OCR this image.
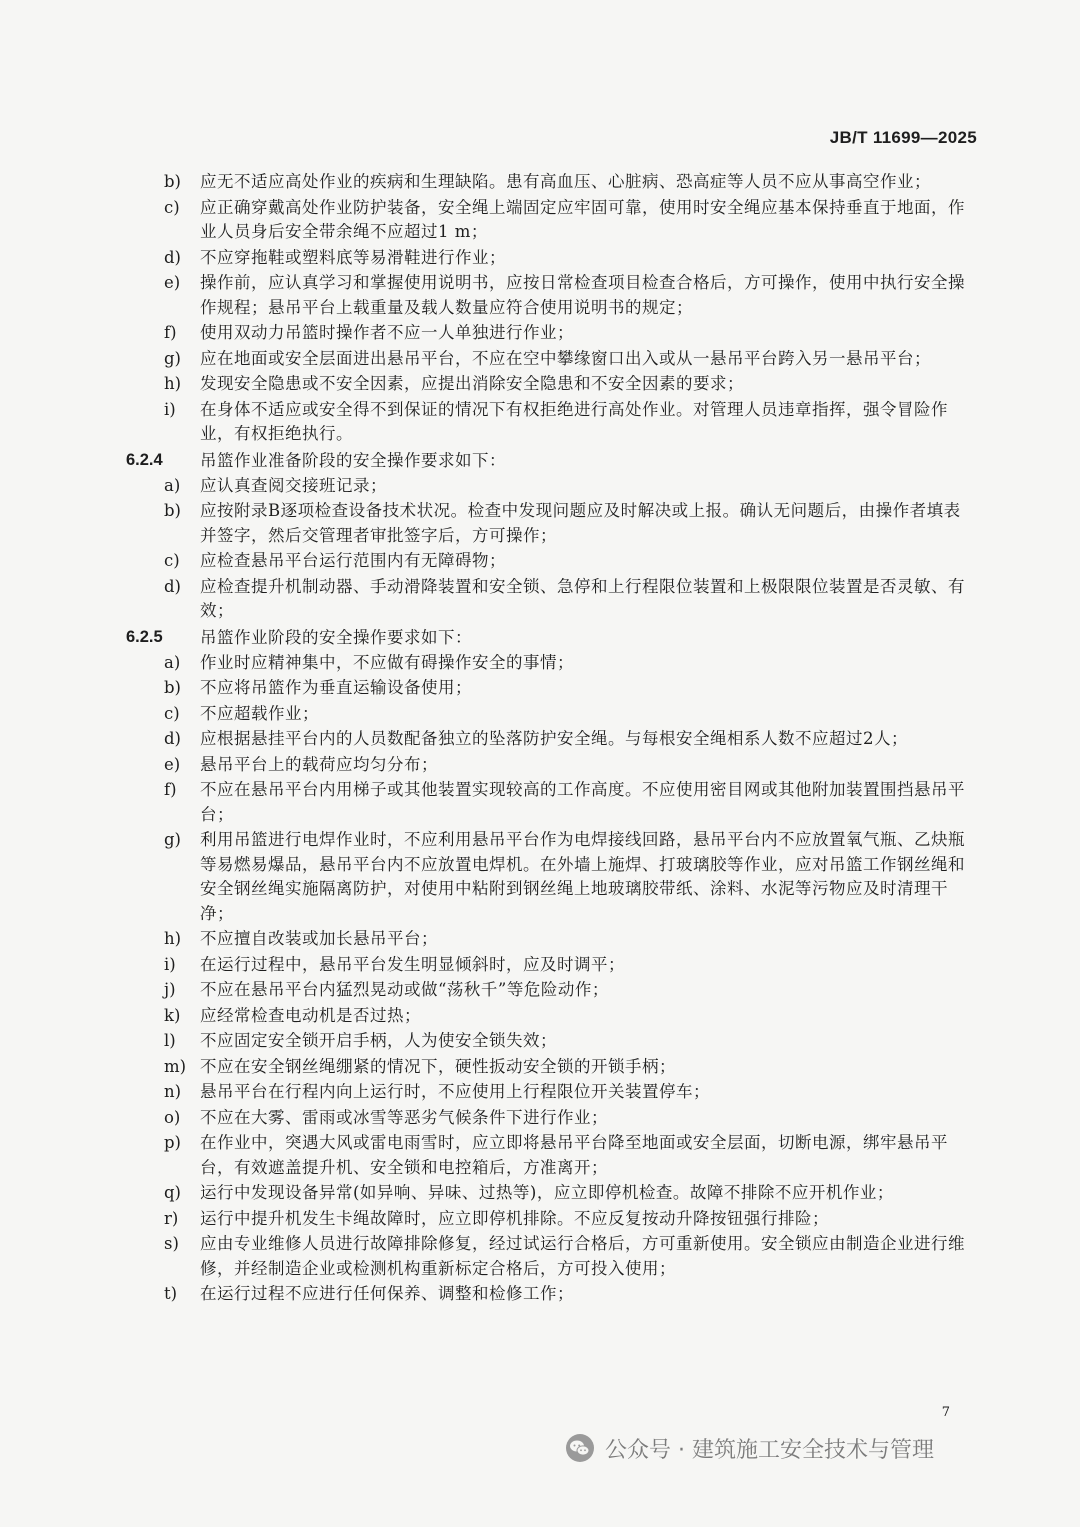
JB/T 11699—2025
b)	应无不适应高处作业的疾病和生理缺陷。患有高血压、心脏病、恐高症等人员不应从事高空作业；
c)	应正确穿戴高处作业防护装备，安全绳上端固定应牢固可靠，使用时安全绳应基本保持垂直于地面，作业人员身后安全带余绳不应超过1 m；
d)	不应穿拖鞋或塑料底等易滑鞋进行作业；
e)	操作前，应认真学习和掌握使用说明书，应按日常检查项目检查合格后，方可操作，使用中执行安全操作规程；悬吊平台上载重量及载人数量应符合使用说明书的规定；
f)	使用双动力吊篮时操作者不应一人单独进行作业；
g)	应在地面或安全层面进出悬吊平台，不应在空中攀缘窗口出入或从一悬吊平台跨入另一悬吊平台；
h)	发现安全隐患或不安全因素，应提出消除安全隐患和不安全因素的要求；
i)	在身体不适应或安全得不到保证的情况下有权拒绝进行高处作业。对管理人员违章指挥，强令冒险作业，有权拒绝执行。
6.2.4	吊篮作业准备阶段的安全操作要求如下：
a)	应认真查阅交接班记录；
b)	应按附录B逐项检查设备技术状况。检查中发现问题应及时解决或上报。确认无问题后，由操作者填表并签字，然后交管理者审批签字后，方可操作；
c)	应检查悬吊平台运行范围内有无障碍物；
d)	应检查提升机制动器、手动滑降装置和安全锁、急停和上行程限位装置和上极限限位装置是否灵敏、有效；
6.2.5	吊篮作业阶段的安全操作要求如下：
a)	作业时应精神集中，不应做有碍操作安全的事情；
b)	不应将吊篮作为垂直运输设备使用；
c)	不应超载作业；
d)	应根据悬挂平台内的人员数配备独立的坠落防护安全绳。与每根安全绳相系人数不应超过2人；
e)	悬吊平台上的载荷应均匀分布；
f)	不应在悬吊平台内用梯子或其他装置实现较高的工作高度。不应使用密目网或其他附加装置围挡悬吊平台；
g)	利用吊篮进行电焊作业时，不应利用悬吊平台作为电焊接线回路，悬吊平台内不应放置氧气瓶、乙炔瓶等易燃易爆品，悬吊平台内不应放置电焊机。在外墙上施焊、打玻璃胶等作业，应对吊篮工作钢丝绳和安全钢丝绳实施隔离防护，对使用中粘附到钢丝绳上地玻璃胶带纸、涂料、水泥等污物应及时清理干净；
h)	不应擅自改装或加长悬吊平台；
i)	在运行过程中，悬吊平台发生明显倾斜时，应及时调平；
j)	不应在悬吊平台内猛烈晃动或做“荡秋千”等危险动作；
k)	应经常检查电动机是否过热；
l)	不应固定安全锁开启手柄，人为使安全锁失效；
m) 不应在安全钢丝绳绷紧的情况下，硬性扳动安全锁的开锁手柄；
n)	悬吊平台在行程内向上运行时，不应使用上行程限位开关装置停车；
o)	不应在大雾、雷雨或冰雪等恶劣气候条件下进行作业；
p)	在作业中，突遇大风或雷电雨雪时，应立即将悬吊平台降至地面或安全层面，切断电源，绑牢悬吊平台，有效遮盖提升机、安全锁和电控箱后，方准离开；
q)	运行中发现设备异常(如异响、异味、过热等)，应立即停机检查。故障不排除不应开机作业；
r)	运行中提升机发生卡绳故障时，应立即停机排除。不应反复按动升降按钮强行排险；
s)	应由专业维修人员进行故障排除修复，经过试运行合格后，方可重新使用。安全锁应由制造企业进行维修，并经制造企业或检测机构重新标定合格后，方可投入使用；
t)	在运行过程不应进行任何保养、调整和检修工作；
7
公众号 · 建筑施工安全技术与管理
